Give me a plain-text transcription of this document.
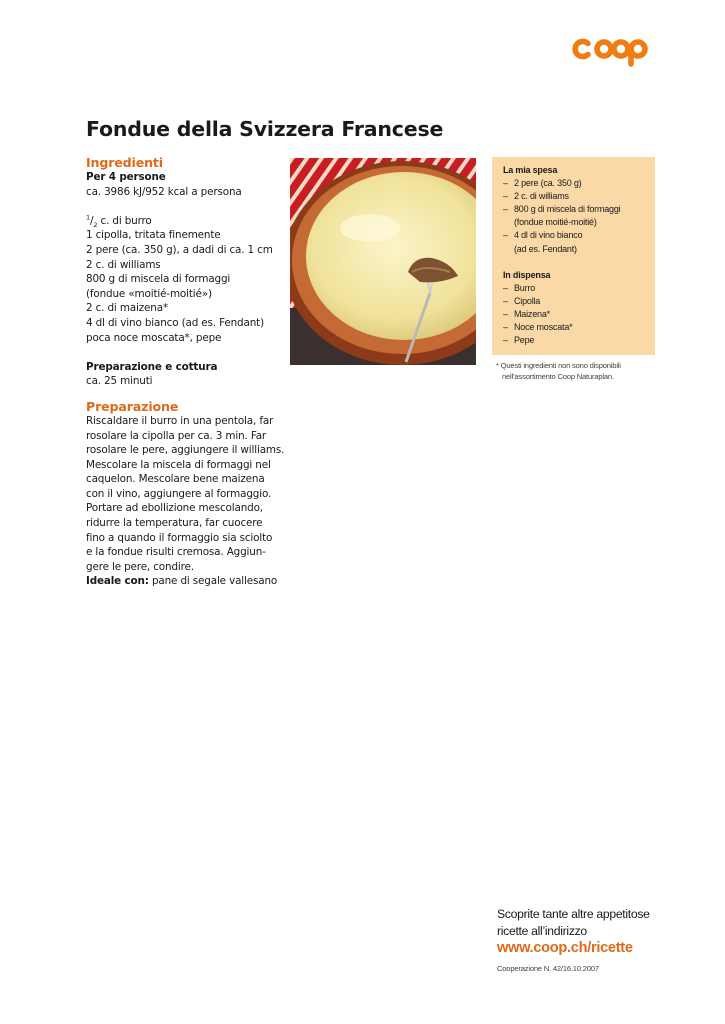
Fondue della Svizzera Francese
Ingredienti
Per 4 persone
ca. 3986 kJ/952 kcal a persona
$^1/_2$ c. di burro
1 cipolla, tritata finemente
2 pere (ca. 350 g), a dadi di ca. 1 cm
2 c. di williams
800 g di miscela di formaggi
(fondue «moitié-moitié»)
2 c. di maizena*
4 dl di vino bianco (ad es. Fendant)
poca noce moscata*, pepe
Preparazione e cottura
ca. 25 minuti
Preparazione
Riscaldare il burro in una pentola, far
rosolare la cipolla per ca. 3 min. Far
rosolare le pere, aggiungere il williams.
Mescolare la miscela di formaggi nel
caquelon. Mescolare bene maizena
con il vino, aggiungere al formaggio.
Portare ad ebollizione mescolando,
ridurre la temperatura, far cuocere
fino a quando il formaggio sia sciolto
e la fondue risulti cremosa. Aggiun-
gere le pere, condire.
Ideale con: pane di segale vallesano
La mia spesa
– 2 pere (ca. 350 g)
– 2 c. di williams
– 800 g di miscela di formaggi
(fondue moitié-moitié)
– 4 dl di vino bianco
(ad es. Fendant)
In dispensa
– Burro
– Cipolla
– Maizena*
– Noce moscata*
– Pepe
* Questi ingredienti non sono disponibili
nell’assortimento Coop Naturaplan.
Scoprite tante altre appetitose
ricette all’indirizzo
www.coop.ch/ricette
Cooperazione N. 42/16.10.2007
